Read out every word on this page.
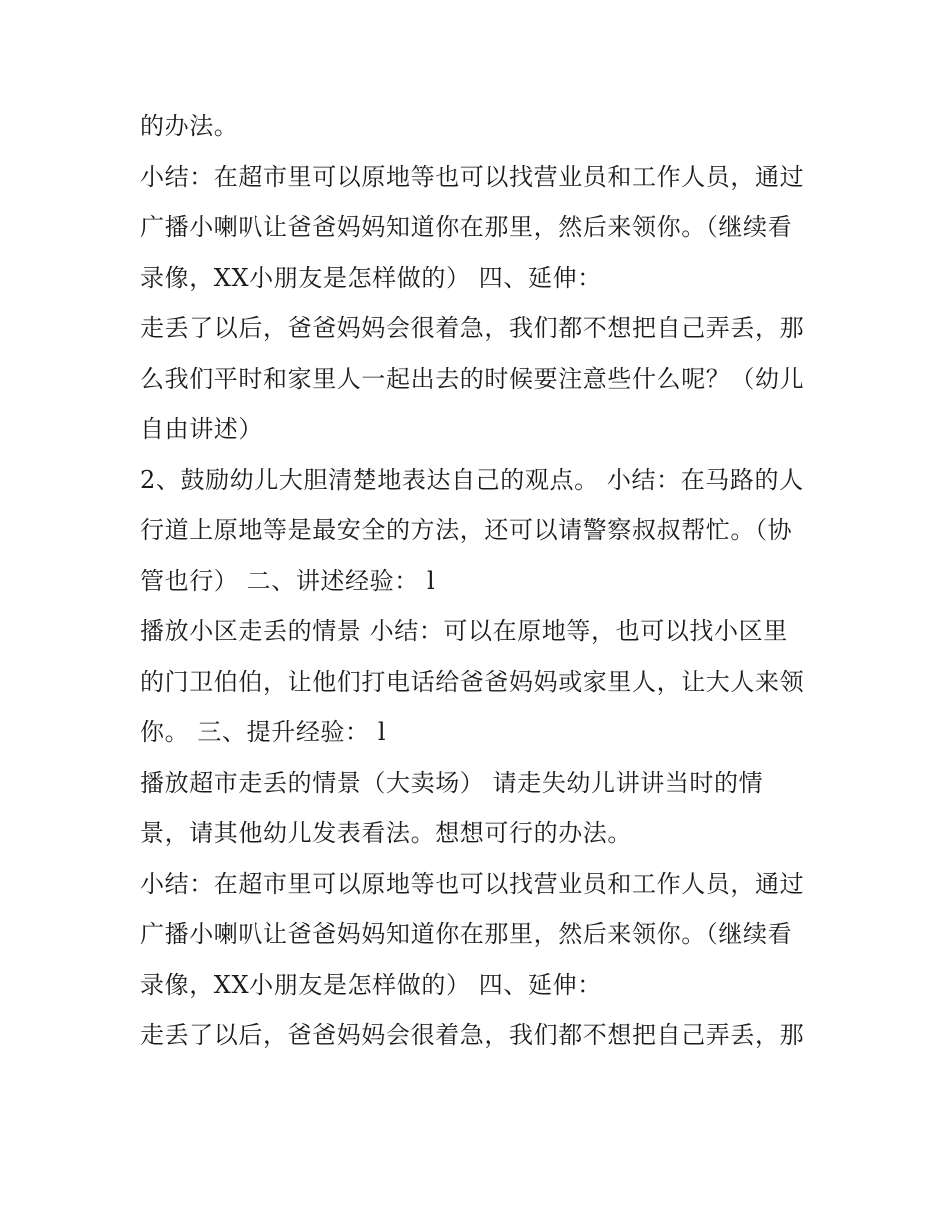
的办法。
小结：在超市里可以原地等也可以找营业员和工作人员，通过
广播小喇叭让爸爸妈妈知道你在那里，然后来领你。（继续看
录像，XX小朋友是怎样做的） 四、延伸：
走丢了以后，爸爸妈妈会很着急，我们都不想把自己弄丢，那
么我们平时和家里人一起出去的时候要注意些什么呢？（幼儿
自由讲述）
2、鼓励幼儿大胆清楚地表达自己的观点。 小结：在马路的人
行道上原地等是最安全的方法，还可以请警察叔叔帮忙。（协
管也行） 二、讲述经验： l
播放小区走丢的情景 小结：可以在原地等，也可以找小区里
的门卫伯伯，让他们打电话给爸爸妈妈或家里人，让大人来领
你。 三、提升经验： l
播放超市走丢的情景（大卖场） 请走失幼儿讲讲当时的情
景，请其他幼儿发表看法。想想可行的办法。
小结：在超市里可以原地等也可以找营业员和工作人员，通过
广播小喇叭让爸爸妈妈知道你在那里，然后来领你。（继续看
录像，XX小朋友是怎样做的） 四、延伸：
走丢了以后，爸爸妈妈会很着急，我们都不想把自己弄丢，那
